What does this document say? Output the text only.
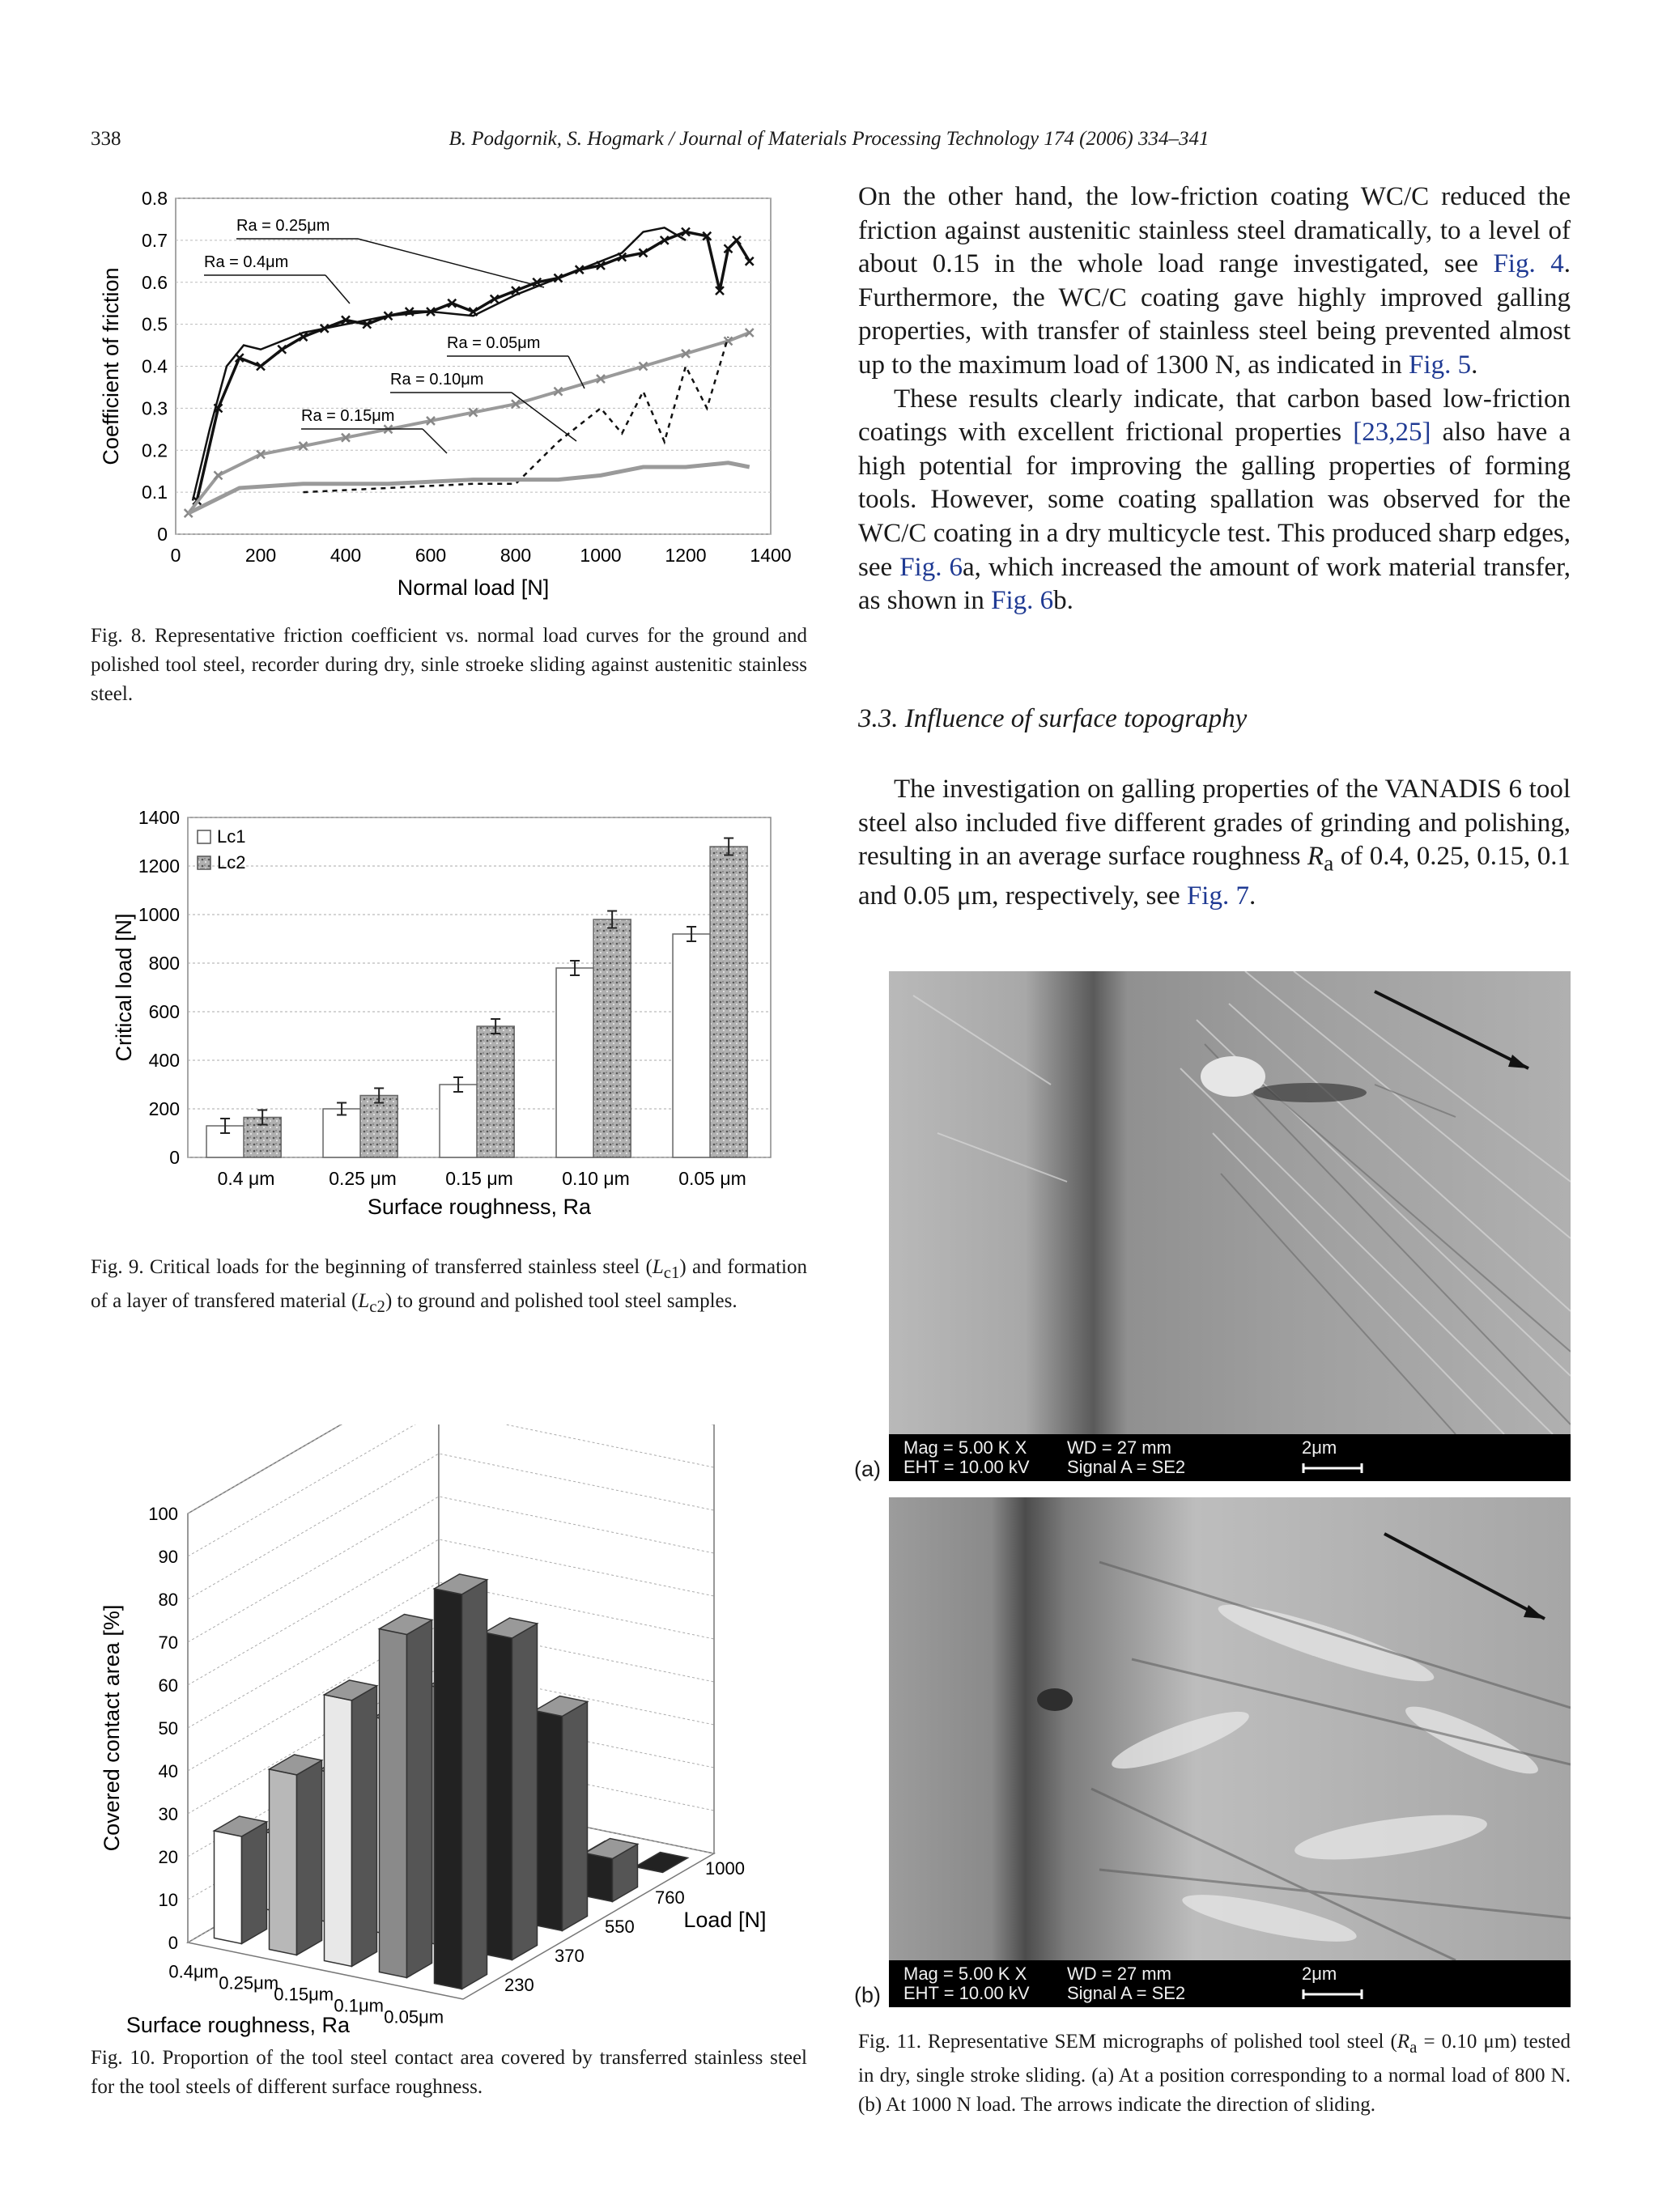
338	B. Podgornik, S. Hogmark / Journal of Materials Processing Technology 174 (2006) 334–341
0
0.1
0.2
0.3
0.4
0.5
0.6
0.7
0.8
0	200	400	600	800	1000 1200 1400
Normal load [N]
Coefficient of friction
Ra = 0.25μm
Ra = 0.4μm
Ra = 0.05μm
Ra = 0.10μm
Ra = 0.15μm
Fig. 8. Representative friction coefficient vs. normal load curves for the ground and polished tool steel, recorder during dry, sinle stroeke sliding against austenitic stainless steel.
0
200
400
600
800
1000
1200
1400
0.4 μm	0.25 μm	0.15 μm	0.10 μm	0.05 μm
Surface roughness, Ra
Critical load [N]
Lc1
Lc2
Fig. 9. Critical loads for the beginning of transferred stainless steel $(L_{c1})$ and formation of a layer of transfered material $(L_{c2})$ to ground and polished tool steel samples.
0
10
20
30
40
50
60
70
80
90
100
0.4μm
0.25μm
0.15μm
0.1μm
0.05μm
230
370
550
760
1000
Surface roughness, Ra
Load [N]
Covered contact area [%]
Fig. 10. Proportion of the tool steel contact area covered by transferred stainless steel for the tool steels of different surface roughness.

On the other hand, the low-friction coating WC/C reduced the friction against austenitic stainless steel dramatically, to a level of about 0.15 in the whole load range investigated, see Fig. 4. Furthermore, the WC/C coating gave highly improved galling properties, with transfer of stainless steel being prevented almost up to the maximum load of 1300 N, as indicated in Fig. 5.

These results clearly indicate, that carbon based low-friction coatings with excellent frictional properties [23,25] also have a high potential for improving the galling properties of forming tools. However, some coating spallation was observed for the WC/C coating in a dry multicycle test. This produced sharp edges, see Fig. 6a, which increased the amount of work material transfer, as shown in Fig. 6b.

3.3. Influence of surface topography

The investigation on galling properties of the VANADIS 6 tool steel also included five different grades of grinding and polishing, resulting in an average surface roughness $R_a$ of 0.4, 0.25, 0.15, 0.1 and 0.05 μm, respectively, see Fig. 7.

Mag = 5.00 K X
EHT = 10.00 kV
WD = 27 mm
Signal A = SE2
2μm
(a)
Mag = 5.00 K X
EHT = 10.00 kV
WD = 27 mm
Signal A = SE2
2μm
(b)
Fig. 11. Representative SEM micrographs of polished tool steel ($R_a = 0.10$ μm) tested in dry, single stroke sliding. (a) At a position corresponding to a normal load of 800 N. (b) At 1000 N load. The arrows indicate the direction of sliding.
